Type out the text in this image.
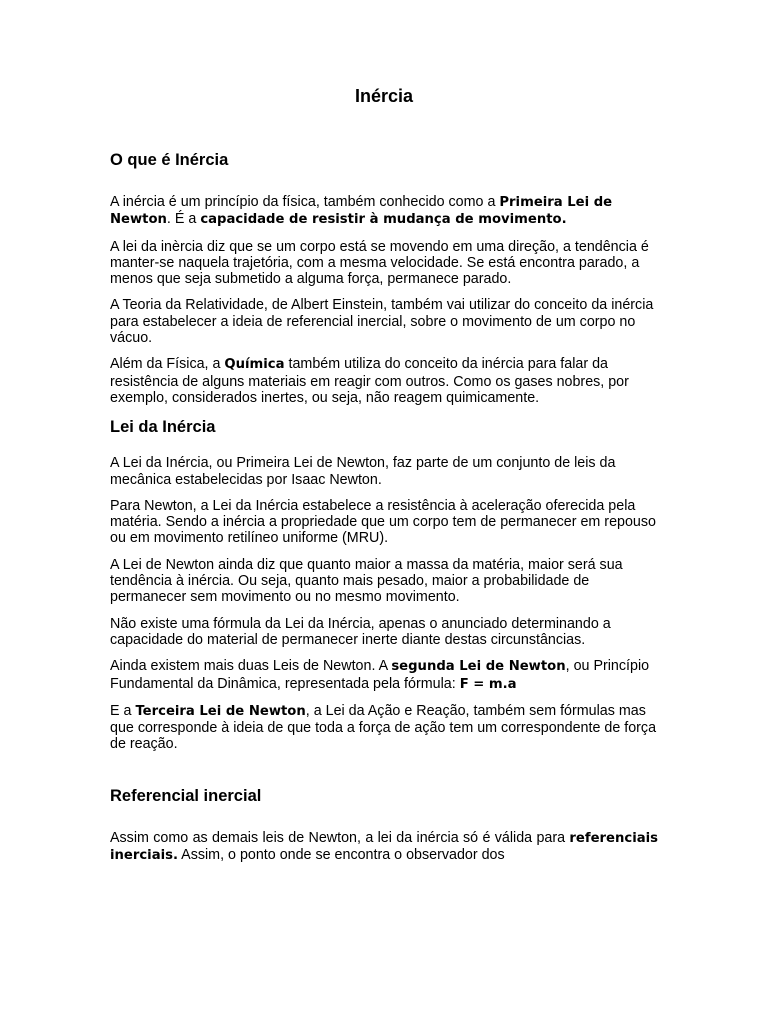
Inércia
O que é Inércia

A inércia é um princípio da física, também conhecido como a Primeira Lei de Newton. É a capacidade de resistir à mudança de movimento.

A lei da inèrcia diz que se um corpo está se movendo em uma direção, a tendência é manter-se naquela trajetória, com a mesma velocidade. Se está encontra parado, a menos que seja submetido a alguma força, permanece parado.

A Teoria da Relatividade, de Albert Einstein, também vai utilizar do conceito da inércia para estabelecer a ideia de referencial inercial, sobre o movimento de um corpo no vácuo.

Além da Física, a Química também utiliza do conceito da inércia para falar da resistência de alguns materiais em reagir com outros. Como os gases nobres, por exemplo, considerados inertes, ou seja, não reagem quimicamente.

Lei da Inércia

A Lei da Inércia, ou Primeira Lei de Newton, faz parte de um conjunto de leis da mecânica estabelecidas por Isaac Newton.

Para Newton, a Lei da Inércia estabelece a resistência à aceleração oferecida pela matéria. Sendo a inércia a propriedade que um corpo tem de permanecer em repouso ou em movimento retilíneo uniforme (MRU).

A Lei de Newton ainda diz que quanto maior a massa da matéria, maior será sua tendência à inércia. Ou seja, quanto mais pesado, maior a probabilidade de permanecer sem movimento ou no mesmo movimento.

Não existe uma fórmula da Lei da Inércia, apenas o anunciado determinando a capacidade do material de permanecer inerte diante destas circunstâncias.

Ainda existem mais duas Leis de Newton. A segunda Lei de Newton, ou Princípio Fundamental da Dinâmica, representada pela fórmula: F = m.a

E a Terceira Lei de Newton, a Lei da Ação e Reação, também sem fórmulas mas que corresponde à ideia de que toda a força de ação tem um correspondente de força de reação.

Referencial inercial

Assim como as demais leis de Newton, a lei da inércia só é válida para referenciais inerciais. Assim, o ponto onde se encontra o observador dos
